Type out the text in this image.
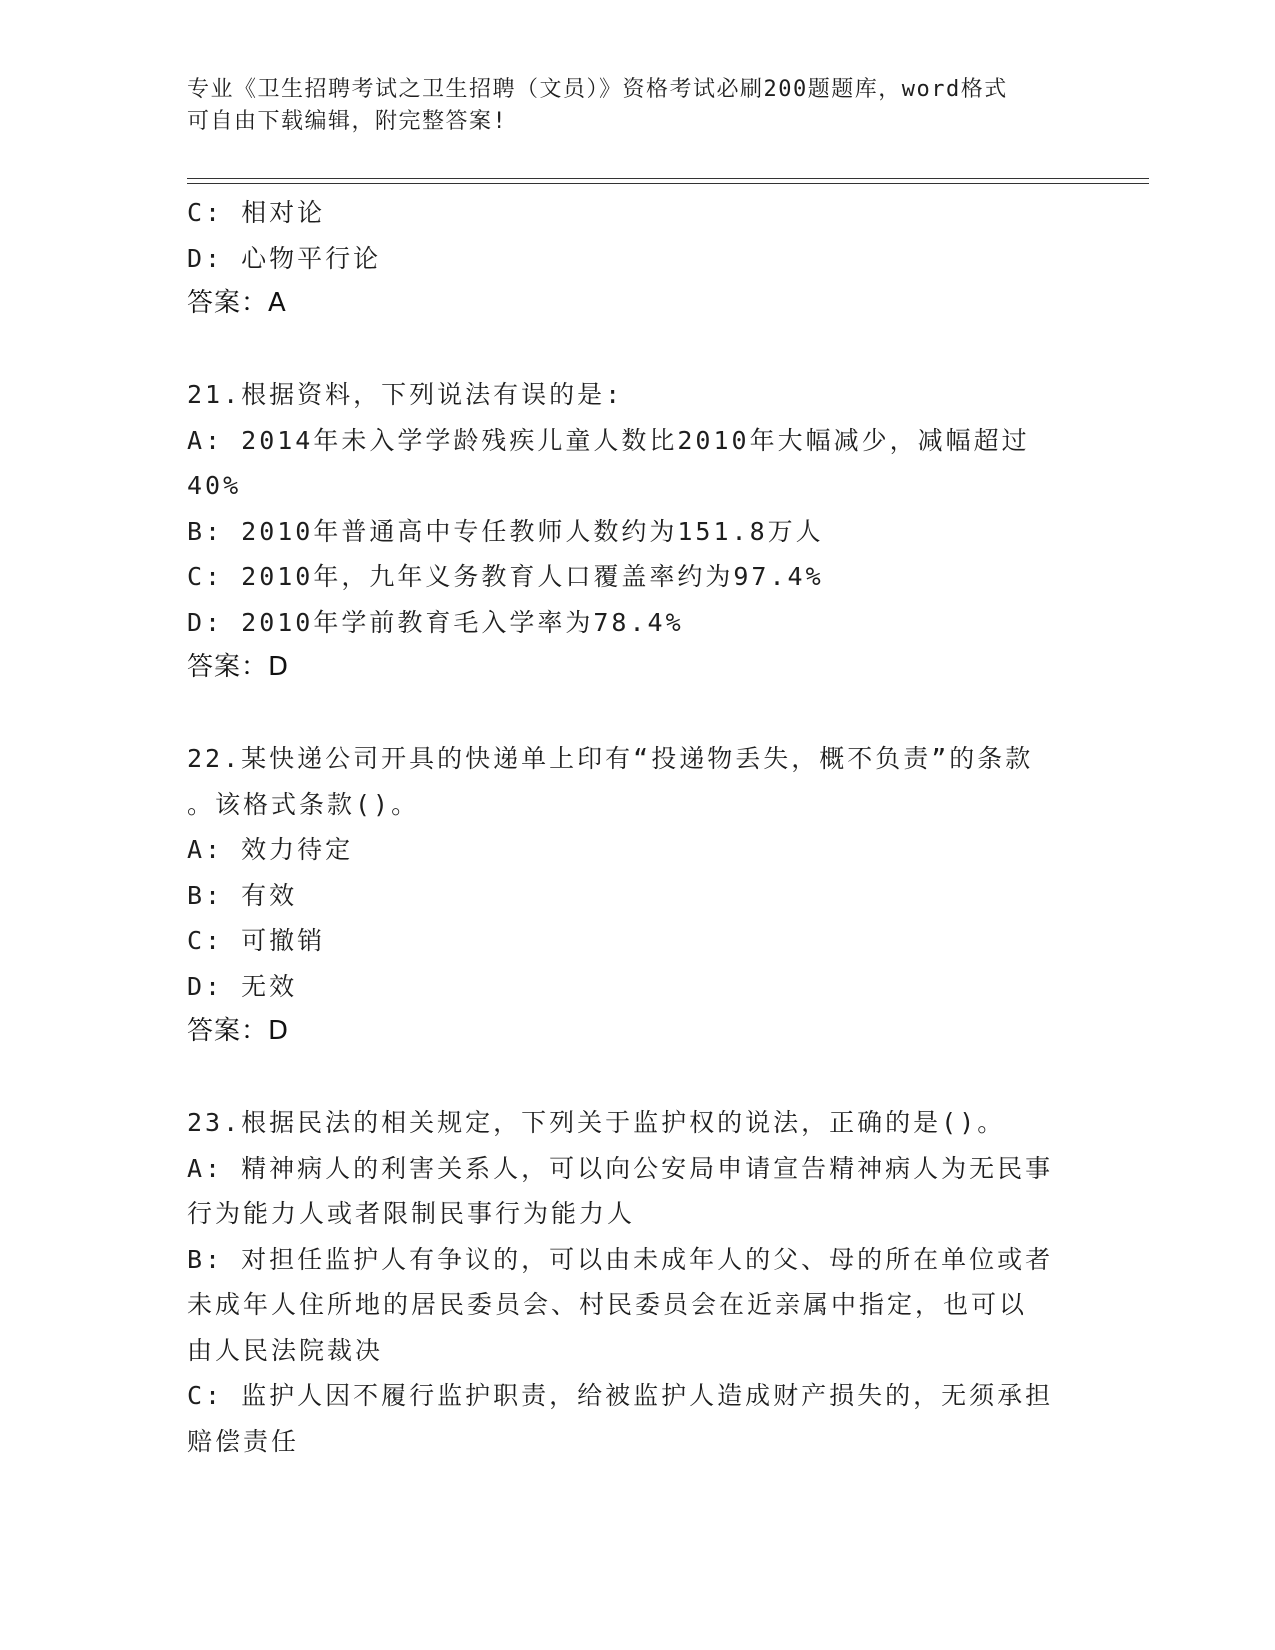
专业《卫生招聘考试之卫生招聘（文员）》资格考试必刷200题题库，word格式
可自由下载编辑，附完整答案!
C: 相对论
D: 心物平行论
答案：A
21.根据资料，下列说法有误的是:
A: 2014年未入学学龄残疾儿童人数比2010年大幅减少，减幅超过
40%
B: 2010年普通高中专任教师人数约为151.8万人
C: 2010年，九年义务教育人口覆盖率约为97.4%
D: 2010年学前教育毛入学率为78.4%
答案：D
22.某快递公司开具的快递单上印有“投递物丢失，概不负责”的条款
。该格式条款()。
A: 效力待定
B: 有效
C: 可撤销
D: 无效
答案：D
23.根据民法的相关规定，下列关于监护权的说法，正确的是()。
A: 精神病人的利害关系人，可以向公安局申请宣告精神病人为无民事
行为能力人或者限制民事行为能力人
B: 对担任监护人有争议的，可以由未成年人的父、母的所在单位或者
未成年人住所地的居民委员会、村民委员会在近亲属中指定，也可以
由人民法院裁决
C: 监护人因不履行监护职责，给被监护人造成财产损失的，无须承担
赔偿责任
